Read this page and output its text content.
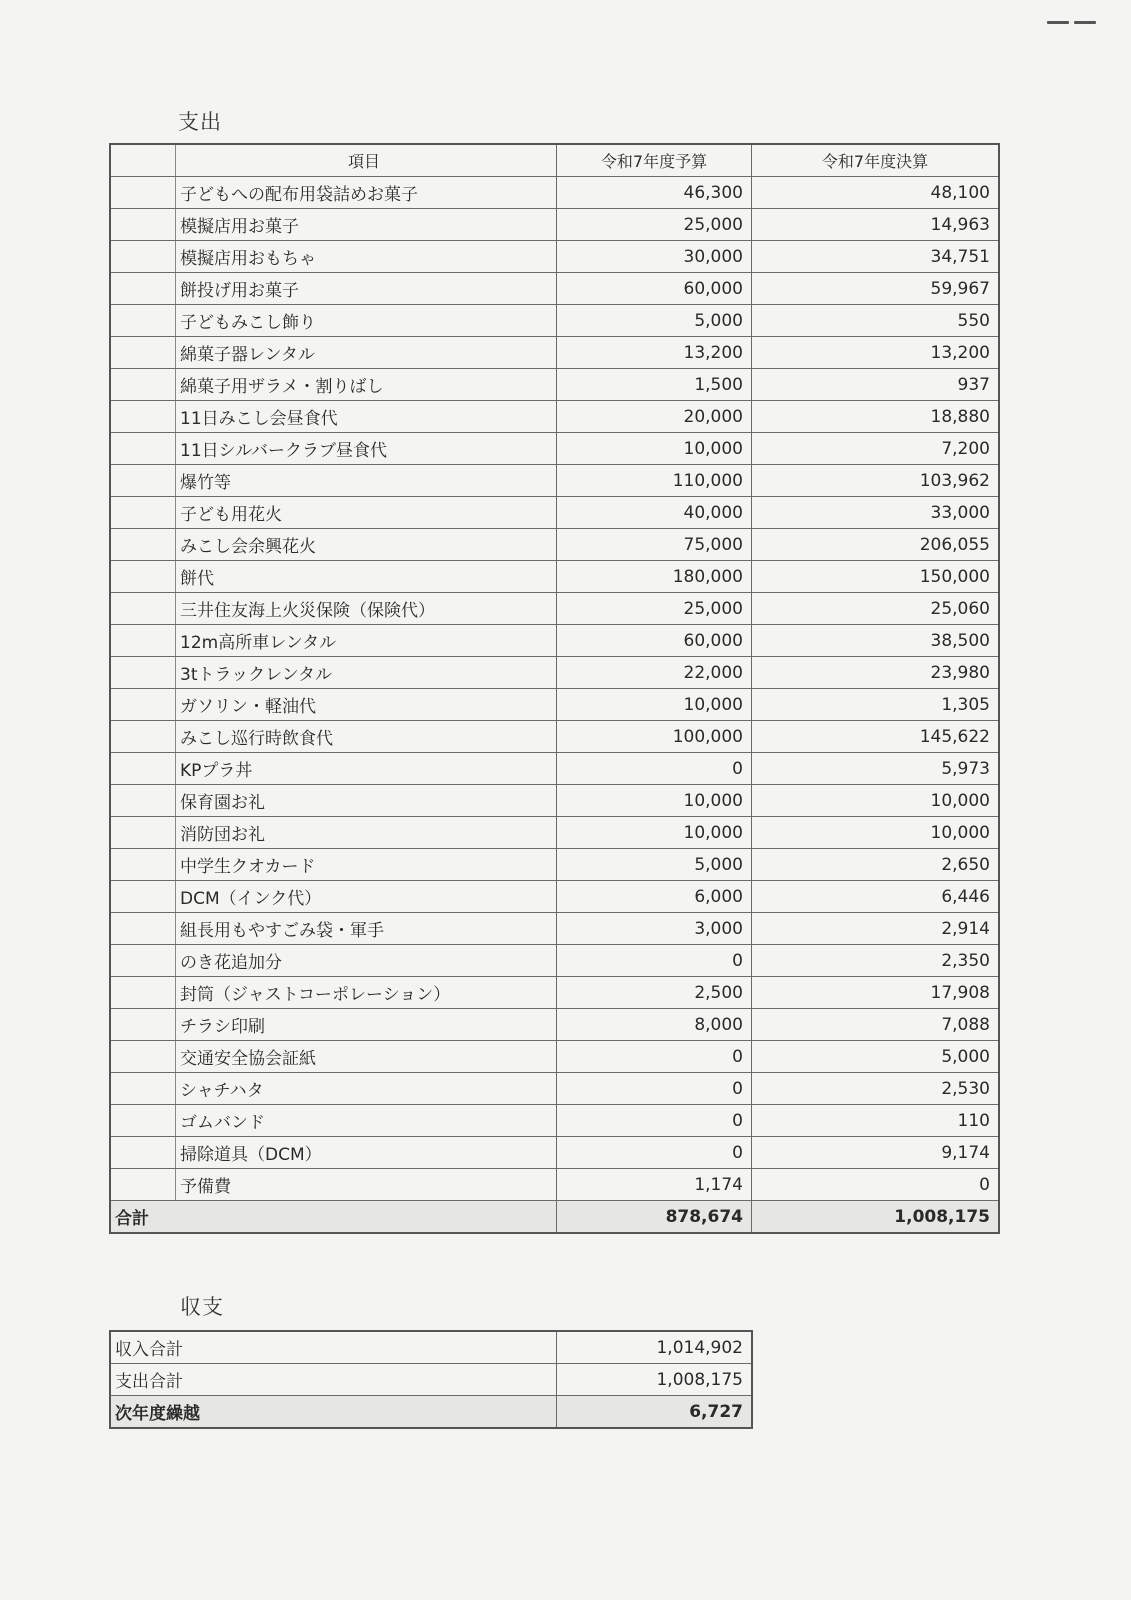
支出
	項目	令和7年度予算	令和7年度決算
	子どもへの配布用袋詰めお菓子	46,300	48,100
	模擬店用お菓子	25,000	14,963
	模擬店用おもちゃ	30,000	34,751
	餅投げ用お菓子	60,000	59,967
	子どもみこし飾り	5,000	550
	綿菓子器レンタル	13,200	13,200
	綿菓子用ザラメ・割りばし	1,500	937
	11日みこし会昼食代	20,000	18,880
	11日シルバークラブ昼食代	10,000	7,200
	爆竹等	110,000	103,962
	子ども用花火	40,000	33,000
	みこし会余興花火	75,000	206,055
	餅代	180,000	150,000
	三井住友海上火災保険（保険代）	25,000	25,060
	12m高所車レンタル	60,000	38,500
	3tトラックレンタル	22,000	23,980
	ガソリン・軽油代	10,000	1,305
	みこし巡行時飲食代	100,000	145,622
	KPプラ丼	0	5,973
	保育園お礼	10,000	10,000
	消防団お礼	10,000	10,000
	中学生クオカード	5,000	2,650
	DCM（インク代）	6,000	6,446
	組長用もやすごみ袋・軍手	3,000	2,914
	のき花追加分	0	2,350
	封筒（ジャストコーポレーション）	2,500	17,908
	チラシ印刷	8,000	7,088
	交通安全協会証紙	0	5,000
	シャチハタ	0	2,530
	ゴムバンド	0	110
	掃除道具（DCM）	0	9,174
	予備費	1,174	0
合計		878,674	1,008,175
収支
収入合計	1,014,902
支出合計	1,008,175
次年度繰越	6,727
